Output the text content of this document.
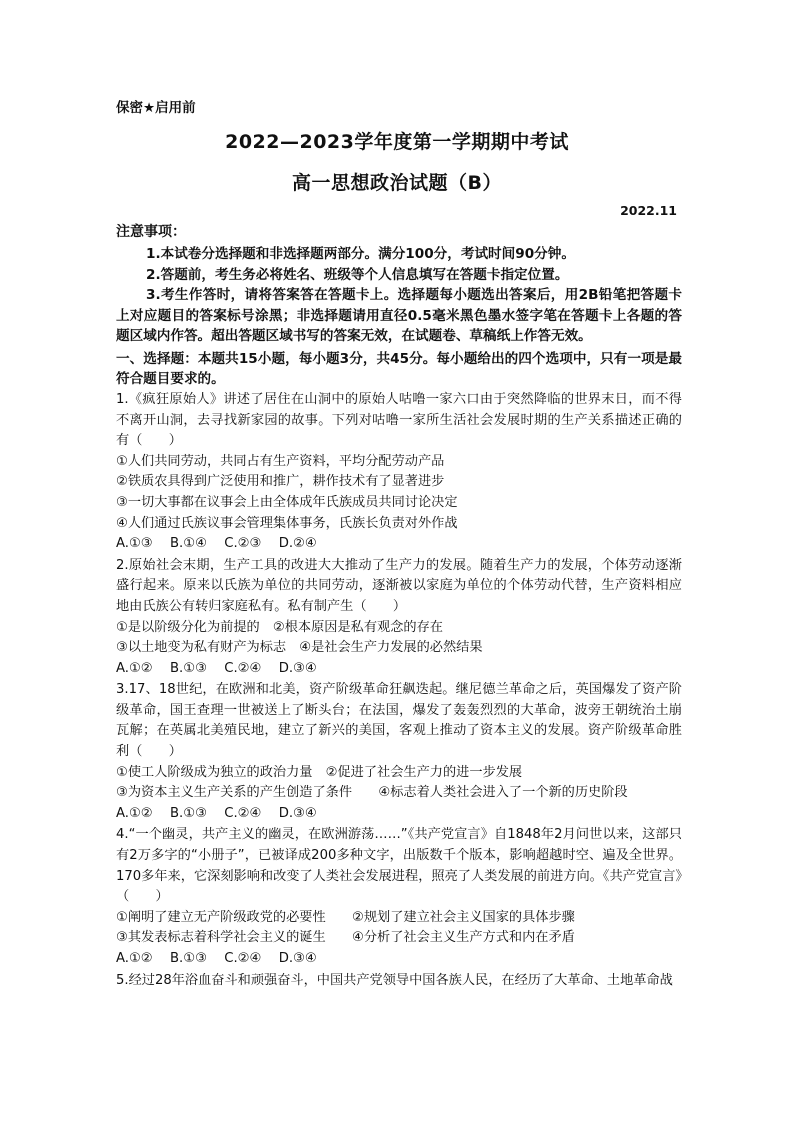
保密★启用前
2022—2023学年度第一学期期中考试
高一思想政治试题（B）
2022.11
注意事项：
1.本试卷分选择题和非选择题两部分。满分100分，考试时间90分钟。
2.答题前，考生务必将姓名、班级等个人信息填写在答题卡指定位置。
3.考生作答时，请将答案答在答题卡上。选择题每小题选出答案后，用2B铅笔把答题卡上对应题目的答案标号涂黑；非选择题请用直径0.5毫米黑色墨水签字笔在答题卡上各题的答题区域内作答。超出答题区域书写的答案无效，在试题卷、草稿纸上作答无效。
一、选择题：本题共15小题，每小题3分，共45分。每小题给出的四个选项中，只有一项是最符合题目要求的。
1.《疯狂原始人》讲述了居住在山洞中的原始人咕噜一家六口由于突然降临的世界末日，而不得不离开山洞，去寻找新家园的故事。下列对咕噜一家所生活社会发展时期的生产关系描述正确的有（　　）
①人们共同劳动，共同占有生产资料，平均分配劳动产品
②铁质农具得到广泛使用和推广，耕作技术有了显著进步
③一切大事都在议事会上由全体成年氏族成员共同讨论决定
④人们通过氏族议事会管理集体事务，氏族长负责对外作战
A.①③　 B.①④　 C.②③　 D.②④
2.原始社会末期，生产工具的改进大大推动了生产力的发展。随着生产力的发展，个体劳动逐渐盛行起来。原来以氏族为单位的共同劳动，逐渐被以家庭为单位的个体劳动代替，生产资料相应地由氏族公有转归家庭私有。私有制产生（　　）
①是以阶级分化为前提的　②根本原因是私有观念的存在
③以土地变为私有财产为标志　④是社会生产力发展的必然结果
A.①②　 B.①③　 C.②④　 D.③④
3.17、18世纪，在欧洲和北美，资产阶级革命狂飙迭起。继尼德兰革命之后，英国爆发了资产阶级革命，国王查理一世被送上了断头台；在法国，爆发了轰轰烈烈的大革命，波旁王朝统治土崩瓦解；在英属北美殖民地，建立了新兴的美国，客观上推动了资本主义的发展。资产阶级革命胜利（　　）
①使工人阶级成为独立的政治力量　②促进了社会生产力的进一步发展
③为资本主义生产关系的产生创造了条件　　④标志着人类社会进入了一个新的历史阶段
A.①②　 B.①③　 C.②④　 D.③④
4.“一个幽灵，共产主义的幽灵，在欧洲游荡……”《共产党宣言》自1848年2月问世以来，这部只有2万多字的“小册子”，已被译成200多种文字，出版数千个版本，影响超越时空、遍及全世界。170多年来，它深刻影响和改变了人类社会发展进程，照亮了人类发展的前进方向。《共产党宣言》（　　）
①阐明了建立无产阶级政党的必要性　　②规划了建立社会主义国家的具体步骤
③其发表标志着科学社会主义的诞生　　④分析了社会主义生产方式和内在矛盾
A.①②　 B.①③　 C.②④　 D.③④
5.经过28年浴血奋斗和顽强奋斗，中国共产党领导中国各族人民，在经历了大革命、土地革命战
